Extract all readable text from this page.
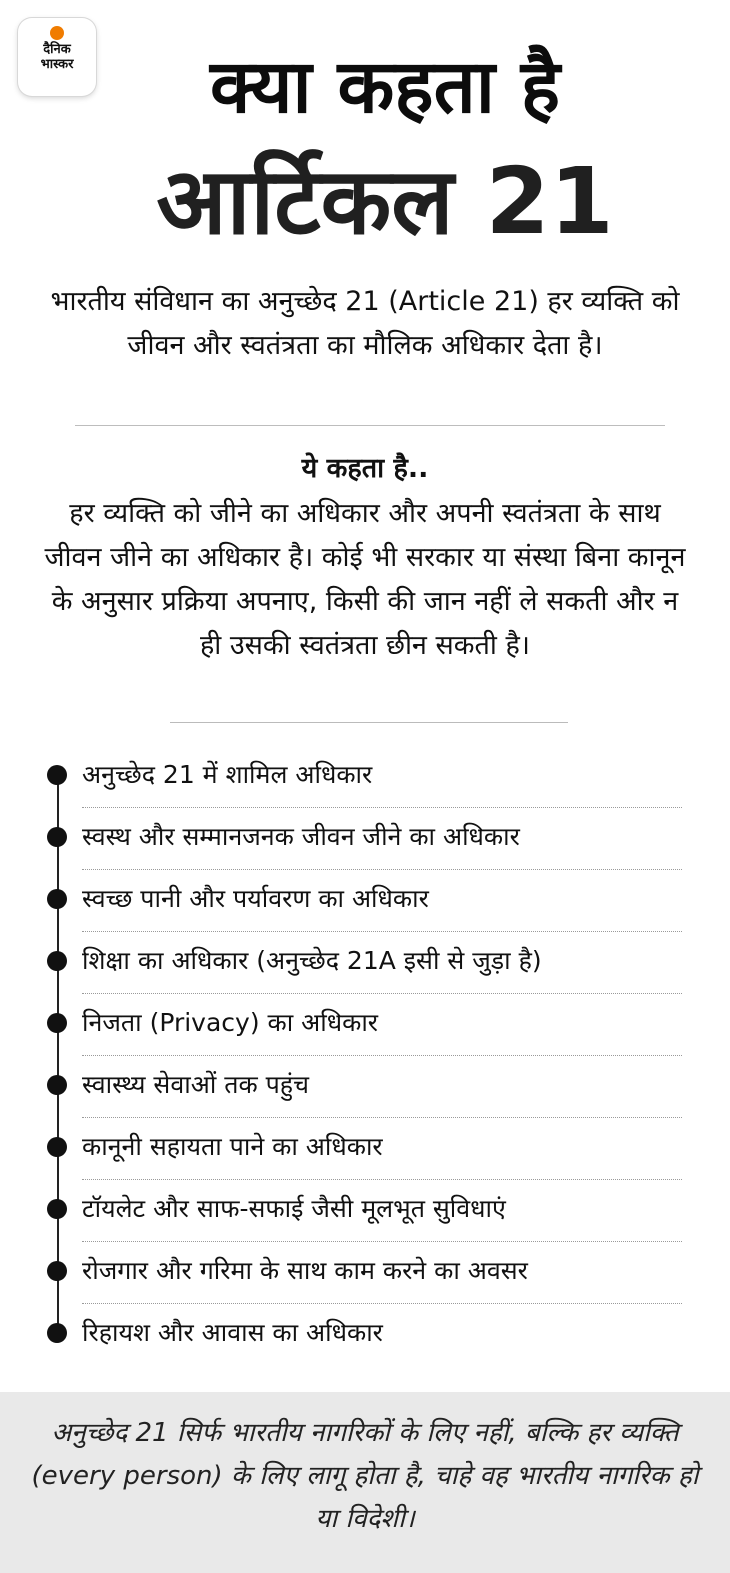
दैनिक
भास्कर	क्या कहता है
आर्टिकल 21
भारतीय संविधान का अनुच्छेद 21 (Article 21) हर व्यक्ति को जीवन और स्वतंत्रता का मौलिक अधिकार देता है।
ये कहता है..
हर व्यक्ति को जीने का अधिकार और अपनी स्वतंत्रता के साथ जीवन जीने का अधिकार है। कोई भी सरकार या संस्था बिना कानून के अनुसार प्रक्रिया अपनाए, किसी की जान नहीं ले सकती और न ही उसकी स्वतंत्रता छीन सकती है।
अनुच्छेद 21 में शामिल अधिकार
स्वस्थ और सम्मानजनक जीवन जीने का अधिकार
स्वच्छ पानी और पर्यावरण का अधिकार
शिक्षा का अधिकार (अनुच्छेद 21A इसी से जुड़ा है)
निजता (Privacy) का अधिकार
स्वास्थ्य सेवाओं तक पहुंच
कानूनी सहायता पाने का अधिकार
टॉयलेट और साफ-सफाई जैसी मूलभूत सुविधाएं
रोजगार और गरिमा के साथ काम करने का अवसर
रिहायश और आवास का अधिकार
अनुच्छेद 21 सिर्फ भारतीय नागरिकों के लिए नहीं, बल्कि हर व्यक्ति (every person) के लिए लागू होता है, चाहे वह भारतीय नागरिक हो या विदेशी।
